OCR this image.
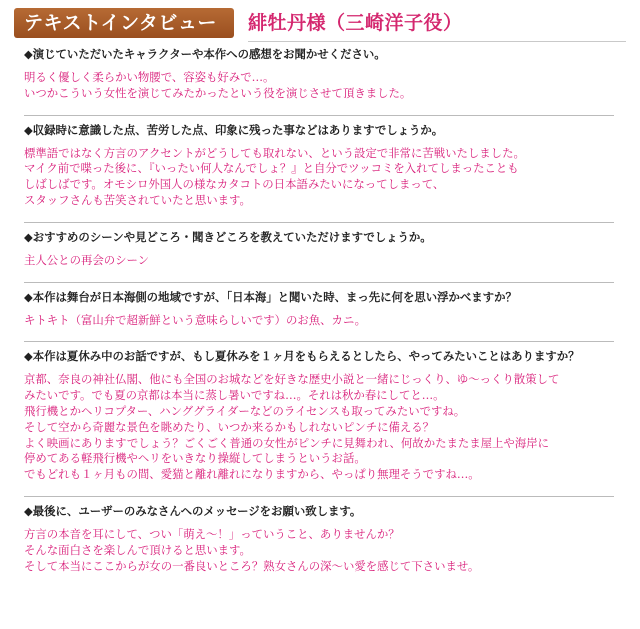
テキストインタビュー	緋牡丹様（三崎洋子役）

◆演じていただいたキャラクターや本作への感想をお聞かせください。

明るく優しく柔らかい物腰で、容姿も好みで…。
いつかこういう女性を演じてみたかったという役を演じさせて頂きました。

◆収録時に意識した点、苦労した点、印象に残った事などはありますでしょうか。

標準語ではなく方言のアクセントがどうしても取れない、という設定で非常に苦戦いたしました。
マイク前で喋った後に、『いったい何人なんでしょ？』と自分でツッコミを入れてしまったことも
しばしばです。オモシロ外国人の様なカタコトの日本語みたいになってしまって、
スタッフさんも苦笑されていたと思います。

◆おすすめのシーンや見どころ・聞きどころを教えていただけますでしょうか。

主人公との再会のシーン

◆本作は舞台が日本海側の地域ですが、「日本海」と聞いた時、まっ先に何を思い浮かべますか？

キトキト（富山弁で超新鮮という意味らしいです）のお魚、カニ。

◆本作は夏休み中のお話ですが、もし夏休みを１ヶ月をもらえるとしたら、やってみたいことはありますか？

京都、奈良の神社仏閣、他にも全国のお城などを好きな歴史小説と一緒にじっくり、ゆ～っくり散策して
みたいです。でも夏の京都は本当に蒸し暑いですね…。それは秋か春にしてと…。
飛行機とかヘリコプター、ハンググライダーなどのライセンスも取ってみたいですね。
そして空から奇麗な景色を眺めたり、いつか来るかもしれないピンチに備える？
よく映画にありますでしょう？ごくごく普通の女性がピンチに見舞われ、何故かたまたま屋上や海岸に
停めてある軽飛行機やヘリをいきなり操縦してしまうというお話。
でもどれも１ヶ月もの間、愛猫と離れ離れになりますから、やっぱり無理そうですね…。

◆最後に、ユーザーのみなさんへのメッセージをお願い致します。

方言の本音を耳にして、つい「萌え～！」っていうこと、ありませんか？
そんな面白さを楽しんで頂けると思います。
そして本当にここからが女の一番良いところ？熟女さんの深～い愛を感じて下さいませ。
